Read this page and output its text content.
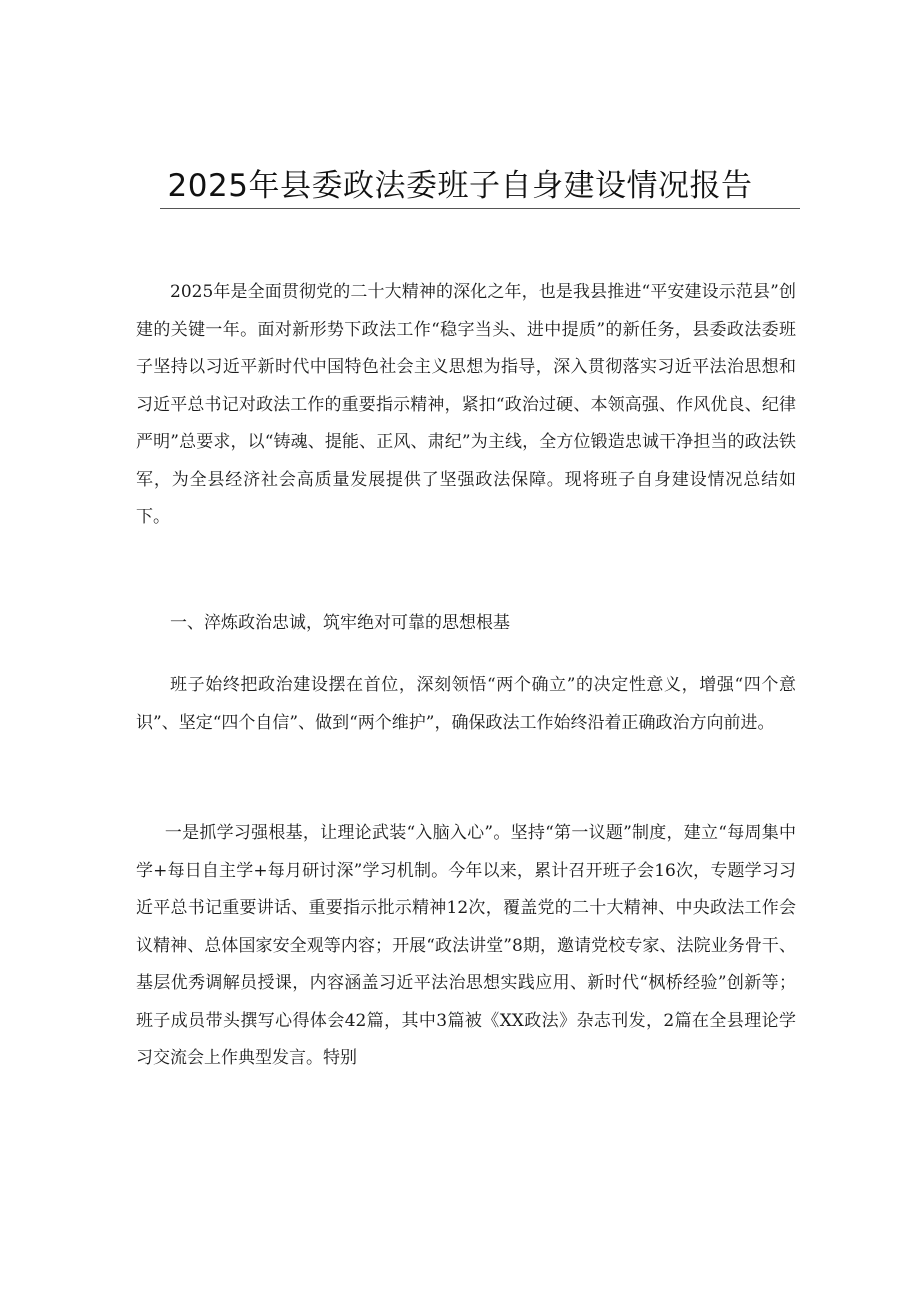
2025年县委政法委班子自身建设情况报告

2025年是全面贯彻党的二十大精神的深化之年，也是我县推进“平安建设示范县”创建的关键一年。面对新形势下政法工作“稳字当头、进中提质”的新任务，县委政法委班子坚持以习近平新时代中国特色社会主义思想为指导，深入贯彻落实习近平法治思想和习近平总书记对政法工作的重要指示精神，紧扣“政治过硬、本领高强、作风优良、纪律严明”总要求，以“铸魂、提能、正风、肃纪”为主线，全方位锻造忠诚干净担当的政法铁军，为全县经济社会高质量发展提供了坚强政法保障。现将班子自身建设情况总结如下。

一、淬炼政治忠诚，筑牢绝对可靠的思想根基

班子始终把政治建设摆在首位，深刻领悟“两个确立”的决定性意义，增强“四个意识”、坚定“四个自信”、做到“两个维护”，确保政法工作始终沿着正确政治方向前进。

一是抓学习强根基，让理论武装“入脑入心”。坚持“第一议题”制度，建立“每周集中学+每日自主学+每月研讨深”学习机制。今年以来，累计召开班子会16次，专题学习习近平总书记重要讲话、重要指示批示精神12次，覆盖党的二十大精神、中央政法工作会议精神、总体国家安全观等内容；开展“政法讲堂”8期，邀请党校专家、法院业务骨干、基层优秀调解员授课，内容涵盖习近平法治思想实践应用、新时代“枫桥经验”创新等；班子成员带头撰写心得体会42篇，其中3篇被《XX政法》杂志刊发，2篇在全县理论学习交流会上作典型发言。特别
